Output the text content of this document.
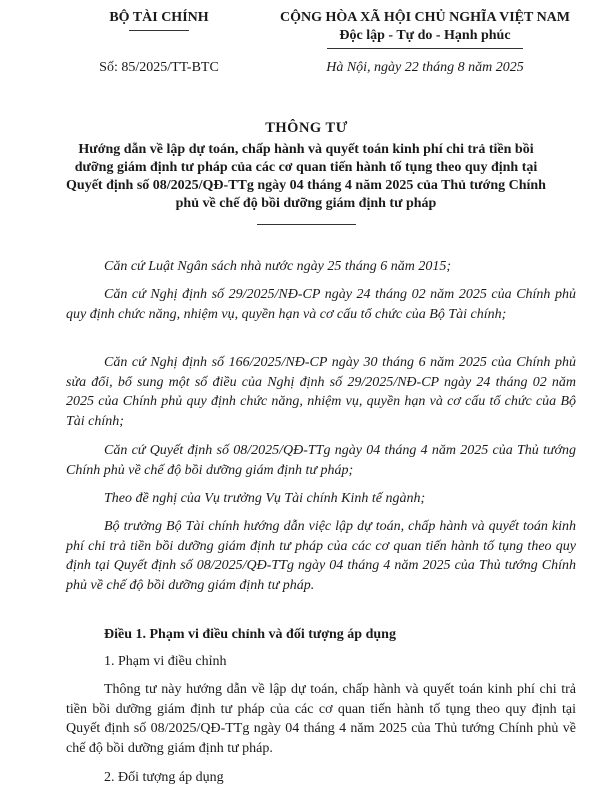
BỘ TÀI CHÍNH	CỘNG HÒA XÃ HỘI CHỦ NGHĨA VIỆT NAM
Độc lập - Tự do - Hạnh phúc
Số: 85/2025/TT-BTC	Hà Nội, ngày 22 tháng 8 năm 2025
THÔNG TƯ
Hướng dẫn về lập dự toán, chấp hành và quyết toán kinh phí chi trả tiền bồi dưỡng giám định tư pháp của các cơ quan tiến hành tố tụng theo quy định tại Quyết định số 08/2025/QĐ-TTg ngày 04 tháng 4 năm 2025 của Thủ tướng Chính phủ về chế độ bồi dưỡng giám định tư pháp

Căn cứ Luật Ngân sách nhà nước ngày 25 tháng 6 năm 2015;

Căn cứ Nghị định số 29/2025/NĐ-CP ngày 24 tháng 02 năm 2025 của Chính phủ quy định chức năng, nhiệm vụ, quyền hạn và cơ cấu tổ chức của Bộ Tài chính;

Căn cứ Nghị định số 166/2025/NĐ-CP ngày 30 tháng 6 năm 2025 của Chính phủ sửa đổi, bổ sung một số điều của Nghị định số 29/2025/NĐ-CP ngày 24 tháng 02 năm 2025 của Chính phủ quy định chức năng, nhiệm vụ, quyền hạn và cơ cấu tổ chức của Bộ Tài chính;

Căn cứ Quyết định số 08/2025/QĐ-TTg ngày 04 tháng 4 năm 2025 của Thủ tướng Chính phủ về chế độ bồi dưỡng giám định tư pháp;

Theo đề nghị của Vụ trưởng Vụ Tài chính Kinh tế ngành;

Bộ trưởng Bộ Tài chính hướng dẫn việc lập dự toán, chấp hành và quyết toán kinh phí chi trả tiền bồi dưỡng giám định tư pháp của các cơ quan tiến hành tố tụng theo quy định tại Quyết định số 08/2025/QĐ-TTg ngày 04 tháng 4 năm 2025 của Thủ tướng Chính phủ về chế độ bồi dưỡng giám định tư pháp.

Điều 1. Phạm vi điều chỉnh và đối tượng áp dụng

1. Phạm vi điều chỉnh

Thông tư này hướng dẫn về lập dự toán, chấp hành và quyết toán kinh phí chi trả tiền bồi dưỡng giám định tư pháp của các cơ quan tiến hành tố tụng theo quy định tại Quyết định số 08/2025/QĐ-TTg ngày 04 tháng 4 năm 2025 của Thủ tướng Chính phủ về chế độ bồi dưỡng giám định tư pháp.

2. Đối tượng áp dụng
